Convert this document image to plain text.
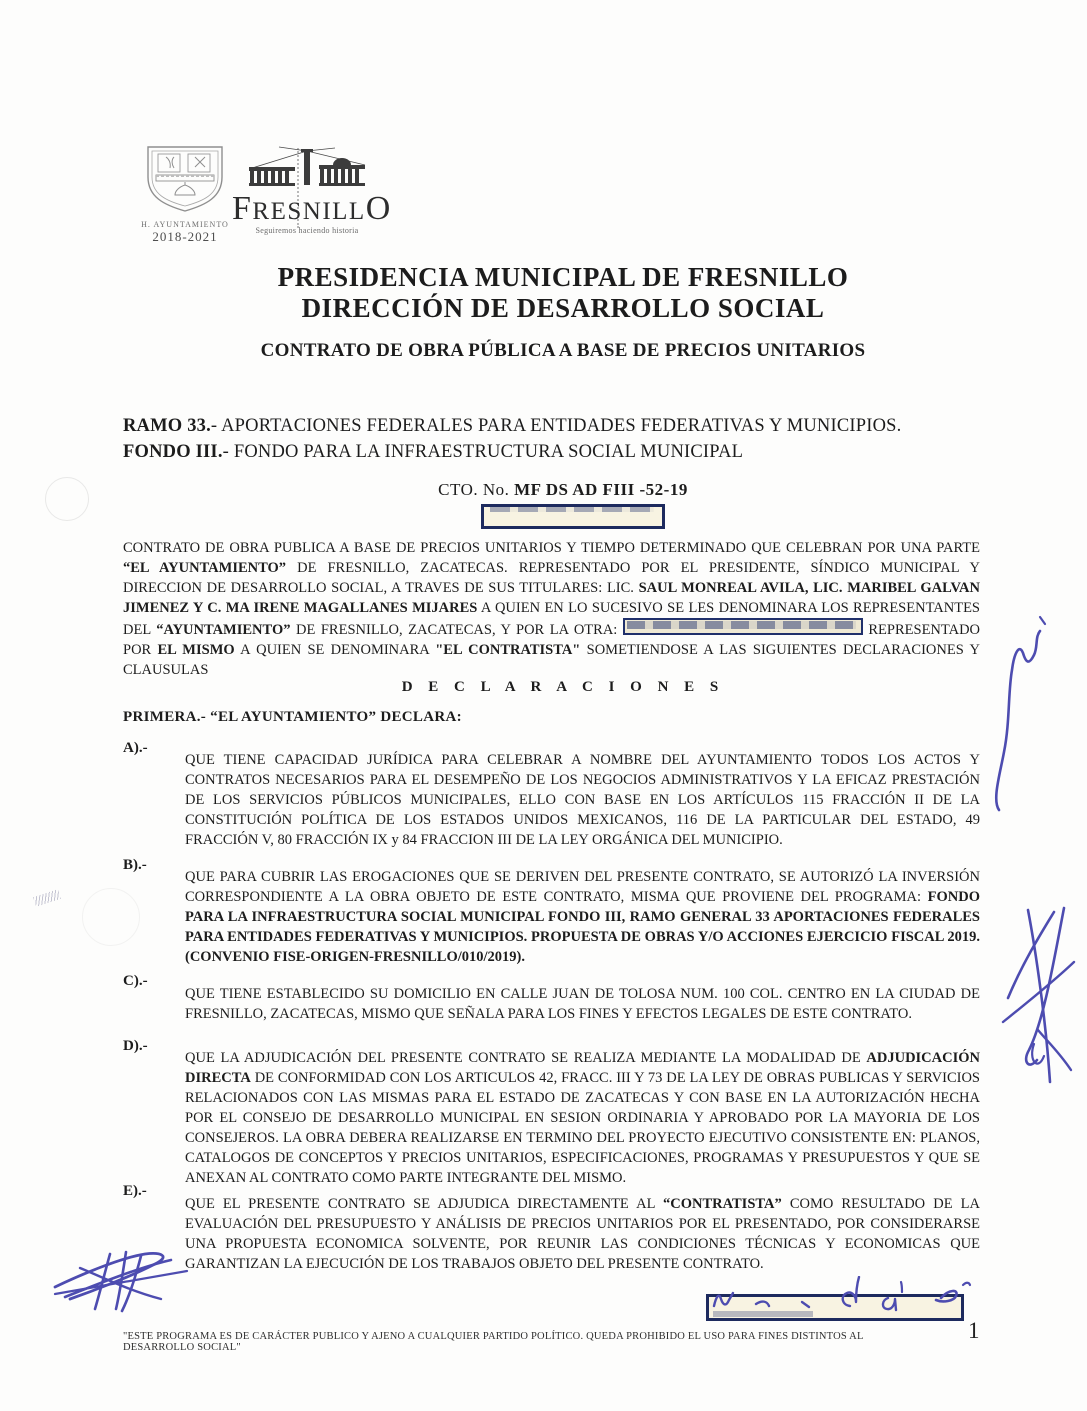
H. AYUNTAMIENTO
2018-2021
FRESNILLO
Seguiremos haciendo historia
PRESIDENCIA MUNICIPAL DE FRESNILLO
DIRECCIÓN DE DESARROLLO SOCIAL
CONTRATO DE OBRA PÚBLICA A BASE DE PRECIOS UNITARIOS
RAMO 33.- APORTACIONES FEDERALES PARA ENTIDADES FEDERATIVAS Y MUNICIPIOS.
FONDO III.- FONDO PARA LA INFRAESTRUCTURA SOCIAL MUNICIPAL
CTO. No. MF DS AD FIII -52-19
CONTRATO DE OBRA PUBLICA A BASE DE PRECIOS UNITARIOS Y TIEMPO DETERMINADO QUE CELEBRAN POR UNA PARTE “EL AYUNTAMIENTO” DE FRESNILLO, ZACATECAS. REPRESENTADO POR EL PRESIDENTE, SÍNDICO MUNICIPAL Y DIRECCION DE DESARROLLO SOCIAL, A TRAVES DE SUS TITULARES: LIC. SAUL MONREAL AVILA, LIC. MARIBEL GALVAN JIMENEZ Y C. MA IRENE MAGALLANES MIJARES A QUIEN EN LO SUCESIVO SE LES DENOMINARA LOS REPRESENTANTES DEL “AYUNTAMIENTO” DE FRESNILLO, ZACATECAS, Y POR LA OTRA:	REPRESENTADO POR EL MISMO A QUIEN SE DENOMINARA "EL CONTRATISTA" SOMETIENDOSE A LAS SIGUIENTES DECLARACIONES Y CLAUSULAS
D E C L A R A C I O N E S
PRIMERA.- “EL AYUNTAMIENTO” DECLARA:
A).-
QUE TIENE CAPACIDAD JURÍDICA PARA CELEBRAR A NOMBRE DEL AYUNTAMIENTO TODOS LOS ACTOS Y CONTRATOS NECESARIOS PARA EL DESEMPEÑO DE LOS NEGOCIOS ADMINISTRATIVOS Y LA EFICAZ PRESTACIÓN DE LOS SERVICIOS PÚBLICOS MUNICIPALES, ELLO CON BASE EN LOS ARTÍCULOS 115 FRACCIÓN II DE LA CONSTITUCIÓN POLÍTICA DE LOS ESTADOS UNIDOS MEXICANOS, 116 DE LA PARTICULAR DEL ESTADO, 49 FRACCIÓN V, 80 FRACCIÓN IX y 84 FRACCION III DE LA LEY ORGÁNICA DEL MUNICIPIO.
B).-
QUE PARA CUBRIR LAS EROGACIONES QUE SE DERIVEN DEL PRESENTE CONTRATO, SE AUTORIZÓ LA INVERSIÓN CORRESPONDIENTE A LA OBRA OBJETO DE ESTE CONTRATO, MISMA QUE PROVIENE DEL PROGRAMA: FONDO PARA LA INFRAESTRUCTURA SOCIAL MUNICIPAL FONDO III, RAMO GENERAL 33 APORTACIONES FEDERALES PARA ENTIDADES FEDERATIVAS Y MUNICIPIOS. PROPUESTA DE OBRAS Y/O ACCIONES EJERCICIO FISCAL 2019. (CONVENIO FISE-ORIGEN-FRESNILLO/010/2019).
C).-
QUE TIENE ESTABLECIDO SU DOMICILIO EN CALLE JUAN DE TOLOSA NUM. 100 COL. CENTRO EN LA CIUDAD DE FRESNILLO, ZACATECAS, MISMO QUE SEÑALA PARA LOS FINES Y EFECTOS LEGALES DE ESTE CONTRATO.
D).-
QUE LA ADJUDICACIÓN DEL PRESENTE CONTRATO SE REALIZA MEDIANTE LA MODALIDAD DE ADJUDICACIÓN DIRECTA DE CONFORMIDAD CON LOS ARTICULOS 42, FRACC. III Y 73 DE LA LEY DE OBRAS PUBLICAS Y SERVICIOS RELACIONADOS CON LAS MISMAS PARA EL ESTADO DE ZACATECAS Y CON BASE EN LA AUTORIZACIÓN HECHA POR EL CONSEJO DE DESARROLLO MUNICIPAL EN SESION ORDINARIA Y APROBADO POR LA MAYORIA DE LOS CONSEJEROS. LA OBRA DEBERA REALIZARSE EN TERMINO DEL PROYECTO EJECUTIVO CONSISTENTE EN: PLANOS, CATALOGOS DE CONCEPTOS Y PRECIOS UNITARIOS, ESPECIFICACIONES, PROGRAMAS Y PRESUPUESTOS Y QUE SE ANEXAN AL CONTRATO COMO PARTE INTEGRANTE DEL MISMO.
E).-
QUE EL PRESENTE CONTRATO SE ADJUDICA DIRECTAMENTE AL “CONTRATISTA” COMO RESULTADO DE LA EVALUACIÓN DEL PRESUPUESTO Y ANÁLISIS DE PRECIOS UNITARIOS POR EL PRESENTADO, POR CONSIDERARSE UNA PROPUESTA ECONOMICA SOLVENTE, POR REUNIR LAS CONDICIONES TÉCNICAS Y ECONOMICAS QUE GARANTIZAN LA EJECUCIÓN DE LOS TRABAJOS OBJETO DEL PRESENTE CONTRATO.
"ESTE PROGRAMA ES DE CARÁCTER PUBLICO Y AJENO A CUALQUIER PARTIDO POLÍTICO. QUEDA PROHIBIDO EL USO PARA FINES DISTINTOS AL DESARROLLO SOCIAL"
1
